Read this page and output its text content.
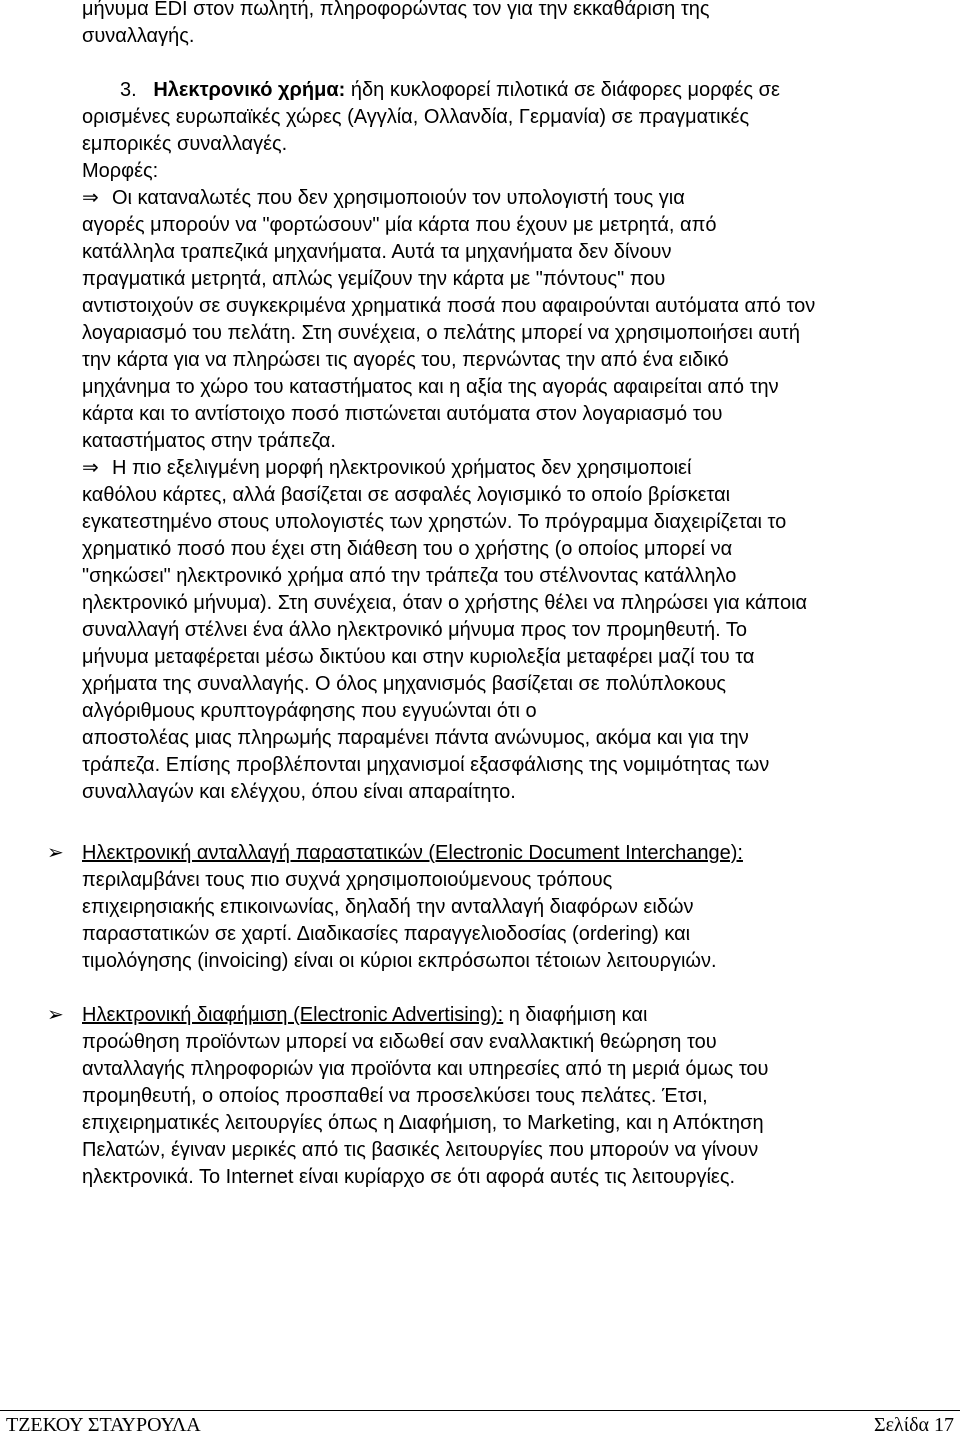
μήνυμα EDI στον πωλητή, πληροφορώντας τον για την εκκαθάριση της
συναλλαγής.
3. Ηλεκτρονικό χρήμα: ήδη κυκλοφορεί πιλοτικά σε διάφορες μορφές σε
ορισμένες ευρωπαϊκές χώρες (Αγγλία, Ολλανδία, Γερμανία) σε πραγματικές
εμπορικές συναλλαγές.
Μορφές:
⇒ Οι καταναλωτές που δεν χρησιμοποιούν τον υπολογιστή τους για
αγορές μπορούν να "φορτώσουν" μία κάρτα που έχουν με μετρητά, από
κατάλληλα τραπεζικά μηχανήματα. Αυτά τα μηχανήματα δεν δίνουν
πραγματικά μετρητά, απλώς γεμίζουν την κάρτα με "πόντους" που
αντιστοιχούν σε συγκεκριμένα χρηματικά ποσά που αφαιρούνται αυτόματα από τον
λογαριασμό του πελάτη. Στη συνέχεια, ο πελάτης μπορεί να χρησιμοποιήσει αυτή
την κάρτα για να πληρώσει τις αγορές του, περνώντας την από ένα ειδικό
μηχάνημα το χώρο του καταστήματος και η αξία της αγοράς αφαιρείται από την
κάρτα και το αντίστοιχο ποσό πιστώνεται αυτόματα στον λογαριασμό του
καταστήματος στην τράπεζα.
⇒ Η πιο εξελιγμένη μορφή ηλεκτρονικού χρήματος δεν χρησιμοποιεί
καθόλου κάρτες, αλλά βασίζεται σε ασφαλές λογισμικό το οποίο βρίσκεται
εγκατεστημένο στους υπολογιστές των χρηστών. Το πρόγραμμα διαχειρίζεται το
χρηματικό ποσό που έχει στη διάθεση του ο χρήστης (ο οποίος μπορεί να
"σηκώσει" ηλεκτρονικό χρήμα από την τράπεζα του στέλνοντας κατάλληλο
ηλεκτρονικό μήνυμα). Στη συνέχεια, όταν ο χρήστης θέλει να πληρώσει για κάποια
συναλλαγή στέλνει ένα άλλο ηλεκτρονικό μήνυμα προς τον προμηθευτή. Το
μήνυμα μεταφέρεται μέσω δικτύου και στην κυριολεξία μεταφέρει μαζί του τα
χρήματα της συναλλαγής. Ο όλος μηχανισμός βασίζεται σε πολύπλοκους
αλγόριθμους κρυπτογράφησης που εγγυώνται ότι ο
αποστολέας μιας πληρωμής παραμένει πάντα ανώνυμος, ακόμα και για την
τράπεζα. Επίσης προβλέπονται μηχανισμοί εξασφάλισης της νομιμότητας των
συναλλαγών και ελέγχου, όπου είναι απαραίτητο.
➢ Ηλεκτρονική ανταλλαγή παραστατικών (Electronic Document Interchange):
περιλαμβάνει τους πιο συχνά χρησιμοποιούμενους τρόπους
επιχειρησιακής επικοινωνίας, δηλαδή την ανταλλαγή διαφόρων ειδών
παραστατικών σε χαρτί. Διαδικασίες παραγγελιοδοσίας (ordering) και
τιμολόγησης (invoicing) είναι οι κύριοι εκπρόσωποι τέτοιων λειτουργιών.
➢ Ηλεκτρονική διαφήμιση (Electronic Advertising): η διαφήμιση και
προώθηση προϊόντων μπορεί να ειδωθεί σαν εναλλακτική θεώρηση του
ανταλλαγής πληροφοριών για προϊόντα και υπηρεσίες από τη μεριά όμως του
προμηθευτή, ο οποίος προσπαθεί να προσελκύσει τους πελάτες. Έτσι,
επιχειρηματικές λειτουργίες όπως η Διαφήμιση, το Marketing, και η Απόκτηση
Πελατών, έγιναν μερικές από τις βασικές λειτουργίες που μπορούν να γίνουν
ηλεκτρονικά. Το Internet είναι κυρίαρχο σε ότι αφορά αυτές τις λειτουργίες.
ΤΖΕΚΟΥ ΣΤΑΥΡΟΥΛΑ	Σελίδα 17
